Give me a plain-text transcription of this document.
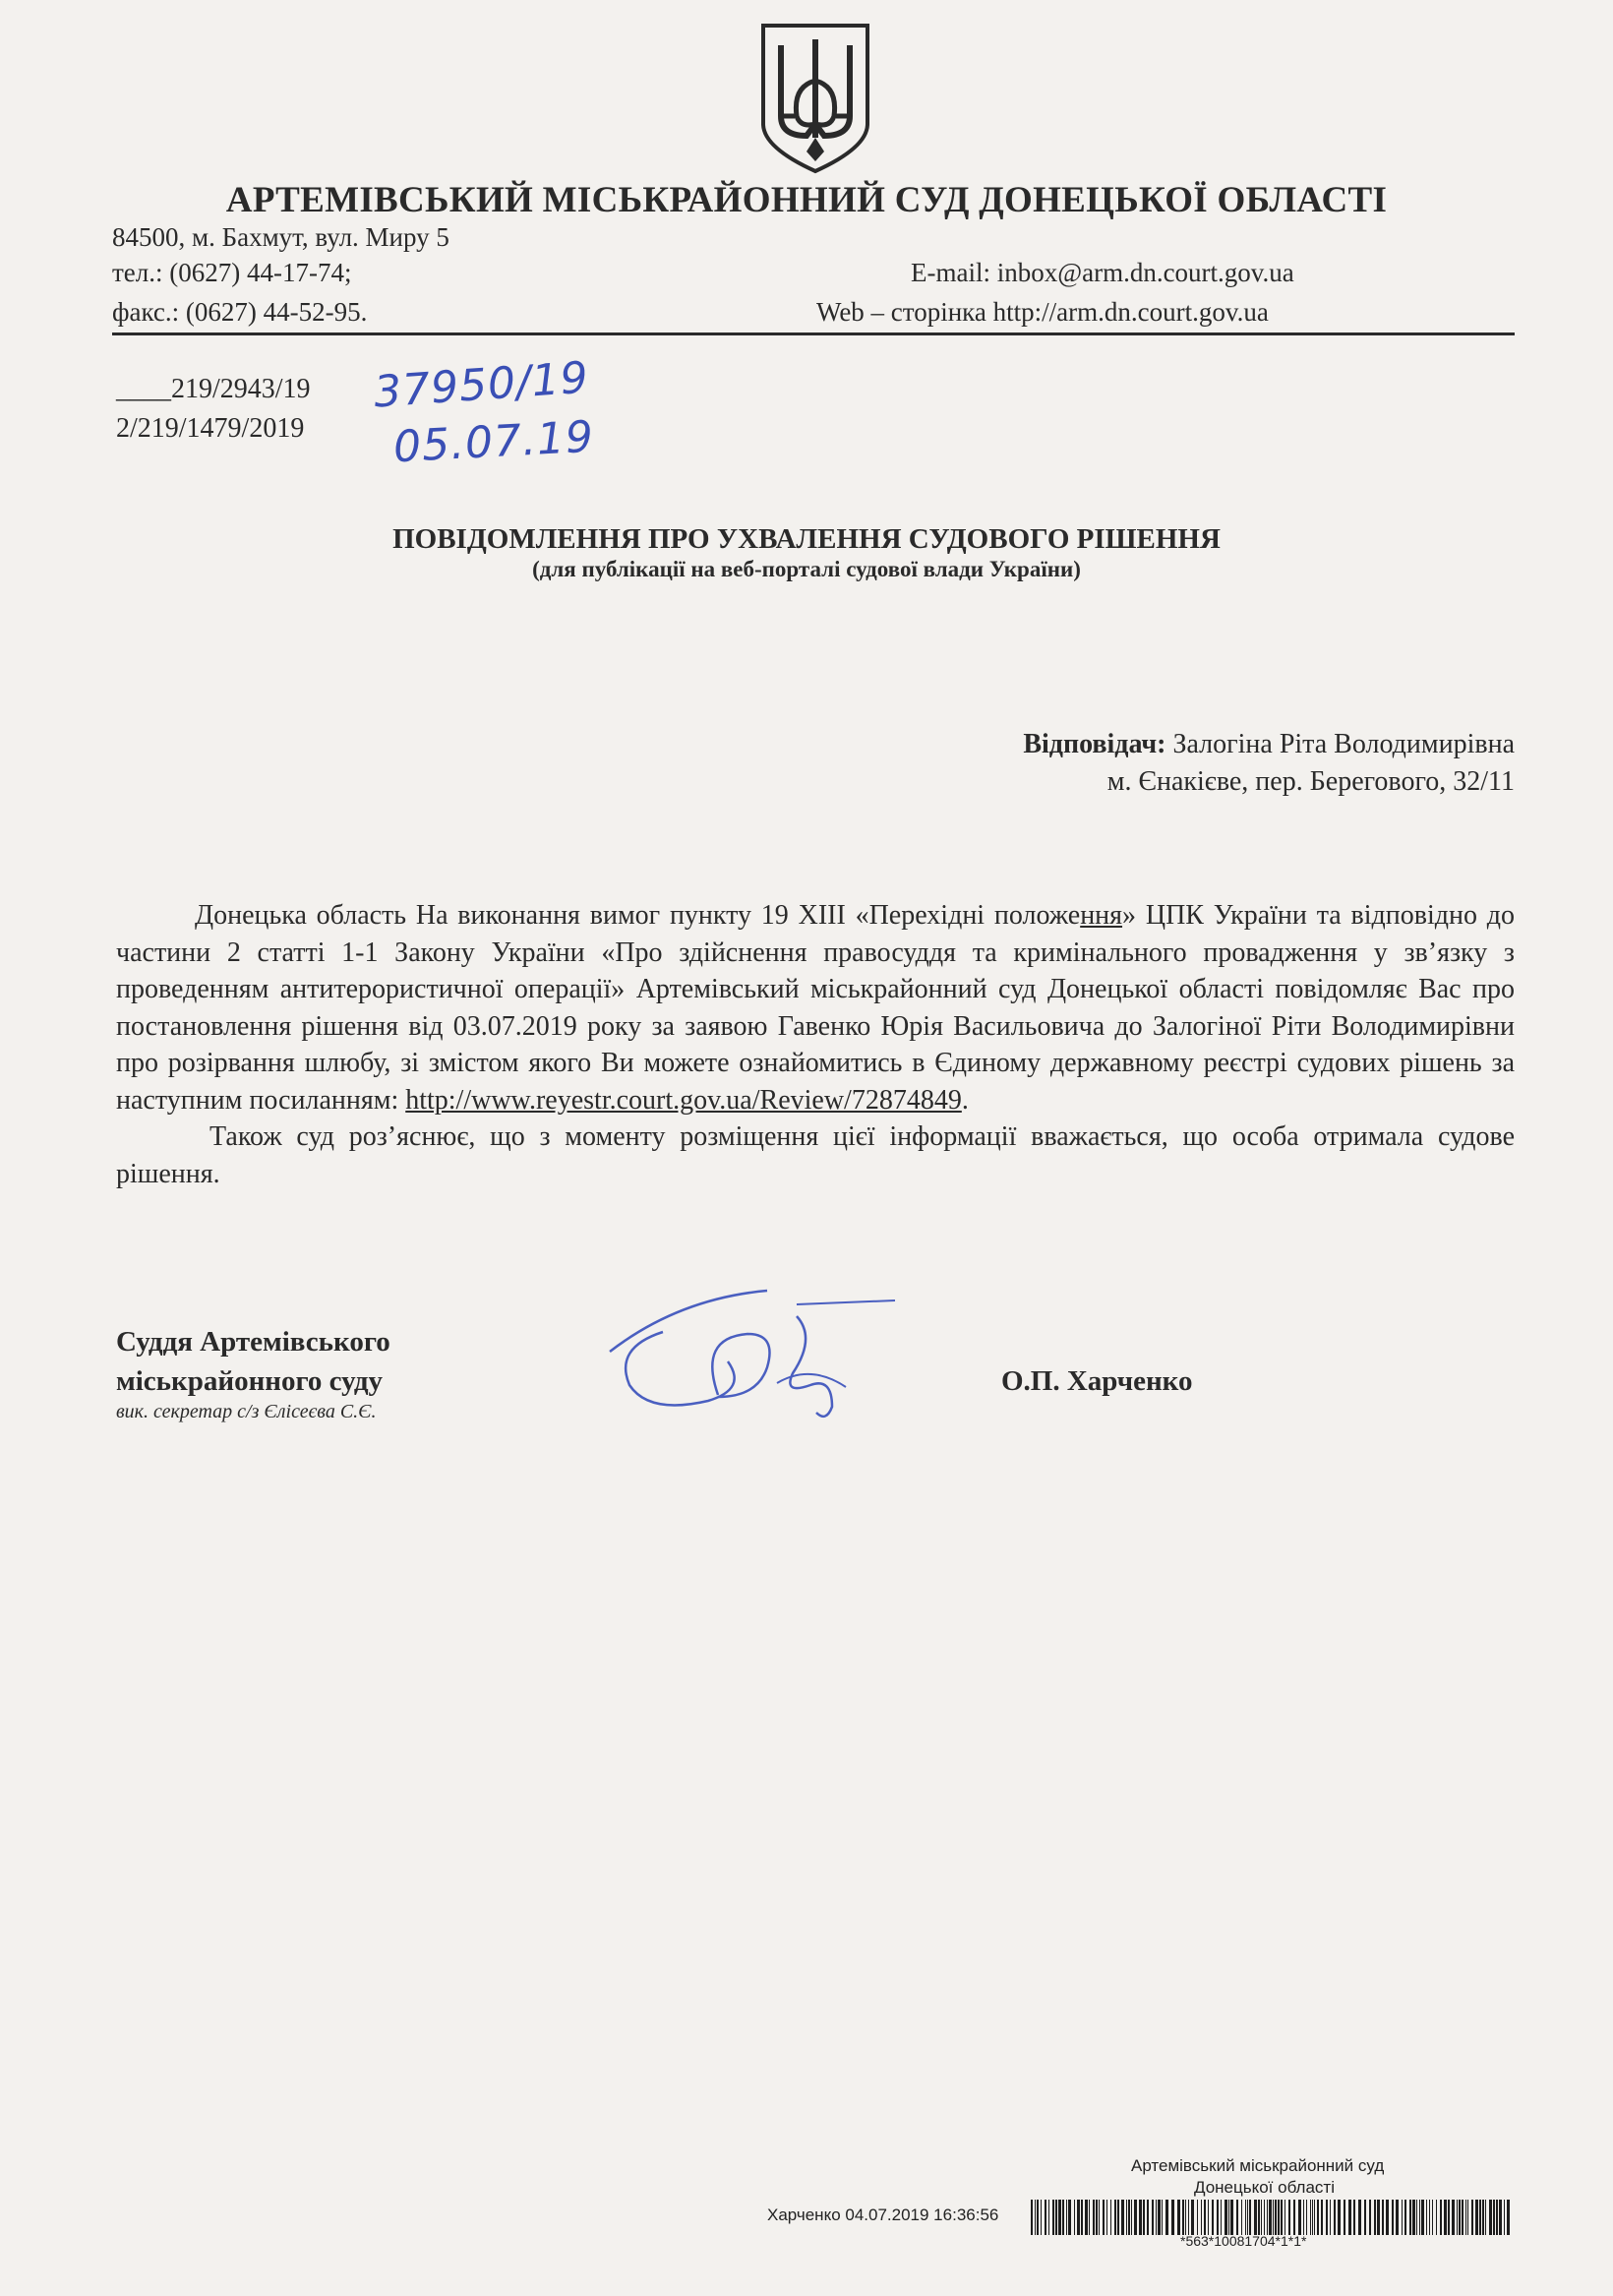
АРТЕМІВСЬКИЙ МІСЬКРАЙОННИЙ СУД ДОНЕЦЬКОЇ ОБЛАСТІ
84500, м. Бахмут, вул. Миру 5
тел.: (0627) 44-17-74;
факс.: (0627) 44-52-95.
E-mail: inbox@arm.dn.court.gov.ua
Web – сторінка http://arm.dn.court.gov.ua
____219/2943/19
2/219/1479/2019
37950/19
05.07.19
ПОВІДОМЛЕННЯ ПРО УХВАЛЕННЯ СУДОВОГО РІШЕННЯ
(для публікації на веб-порталі судової влади України)
Відповідач: Залогіна Ріта Володимирівна
м. Єнакієве, пер. Берегового, 32/11

Донецька область На виконання вимог пункту 19 XIII «Перехідні положення» ЦПК України та відповідно до частини 2 статті 1-1 Закону України «Про здійснення правосуддя та кримінального провадження у зв’язку з проведенням антитерористичної операції» Артемівський міськрайонний суд Донецької області повідомляє Вас про постановлення рішення від 03.07.2019 року за заявою Гавенко Юрія Васильовича до Залогіної Ріти Володимирівни про розірвання шлюбу, зі змістом якого Ви можете ознайомитись в Єдиному державному реєстрі судових рішень за наступним посиланням: http://www.reyestr.court.gov.ua/Review/72874849.

Також суд роз’яснює, що з моменту розміщення цієї інформації вважається, що особа отримала судове рішення.

Суддя Артемівського
міськрайонного суду
вик. секретар с/з Єлісеєва С.Є.
О.П. Харченко
Артемівський міськрайонний суд
Донецької області
Харченко 04.07.2019 16:36:56
*563*10081704*1*1*
